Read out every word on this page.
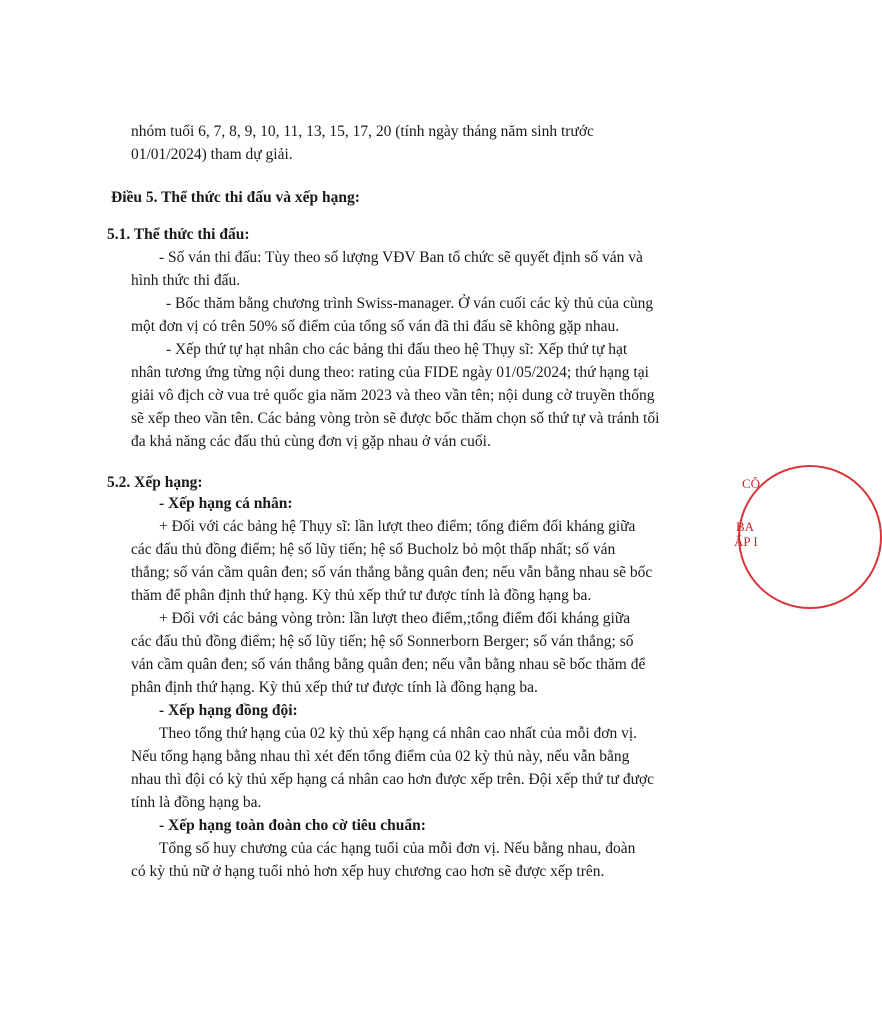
nhóm tuổi 6, 7, 8, 9, 10, 11, 13, 15, 17, 20 (tính ngày tháng năm sinh trước
01/01/2024) tham dự giải.
Điều 5. Thể thức thi đấu và xếp hạng:
5.1. Thể thức thi đấu:
- Số ván thi đấu: Tùy theo số lượng VĐV Ban tổ chức sẽ quyết định số ván và
hình thức thi đấu.
- Bốc thăm bằng chương trình Swiss-manager. Ở ván cuối các kỳ thủ của cùng
một đơn vị có trên 50% số điểm của tổng số ván đã thi đấu sẽ không gặp nhau.
- Xếp thứ tự hạt nhân cho các bảng thi đấu theo hệ Thụy sĩ: Xếp thứ tự hạt
nhân tương ứng từng nội dung theo: rating của FIDE ngày 01/05/2024; thứ hạng tại
giải vô địch cờ vua trẻ quốc gia năm 2023 và theo vần tên; nội dung cờ truyền thống
sẽ xếp theo vần tên. Các bảng vòng tròn sẽ được bốc thăm chọn số thứ tự và tránh tối
đa khả năng các đấu thủ cùng đơn vị gặp nhau ở ván cuối.
5.2. Xếp hạng:
- Xếp hạng cá nhân:
+ Đối với các bảng hệ Thụy sĩ: lần lượt theo điểm; tổng điểm đối kháng giữa
các đấu thủ đồng điểm; hệ số lũy tiến; hệ số Bucholz bỏ một thấp nhất; số ván
thắng; số ván cầm quân đen; số ván thắng bằng quân đen; nếu vẫn bằng nhau sẽ bốc
thăm để phân định thứ hạng. Kỳ thủ xếp thứ tư được tính là đồng hạng ba.
+ Đối với các bảng vòng tròn: lần lượt theo điểm,;tổng điểm đối kháng giữa
các đấu thủ đồng điểm; hệ số lũy tiến; hệ số Sonnerborn Berger; số ván thắng; số
ván cầm quân đen; số ván thắng bằng quân đen; nếu vẫn bằng nhau sẽ bốc thăm để
phân định thứ hạng. Kỳ thủ xếp thứ tư được tính là đồng hạng ba.
- Xếp hạng đồng đội:
Theo tổng thứ hạng của 02 kỳ thủ xếp hạng cá nhân cao nhất của mỗi đơn vị.
Nếu tổng hạng bằng nhau thì xét đến tổng điểm của 02 kỳ thủ này, nếu vẫn bằng
nhau thì đội có kỳ thủ xếp hạng cá nhân cao hơn được xếp trên. Đội xếp thứ tư được
tính là đồng hạng ba.
- Xếp hạng toàn đoàn cho cờ tiêu chuẩn:
Tổng số huy chương của các hạng tuổi của mỗi đơn vị. Nếu bằng nhau, đoàn
có kỳ thủ nữ ở hạng tuổi nhỏ hơn xếp huy chương cao hơn sẽ được xếp trên.
CÔ
BA
ẤP I
